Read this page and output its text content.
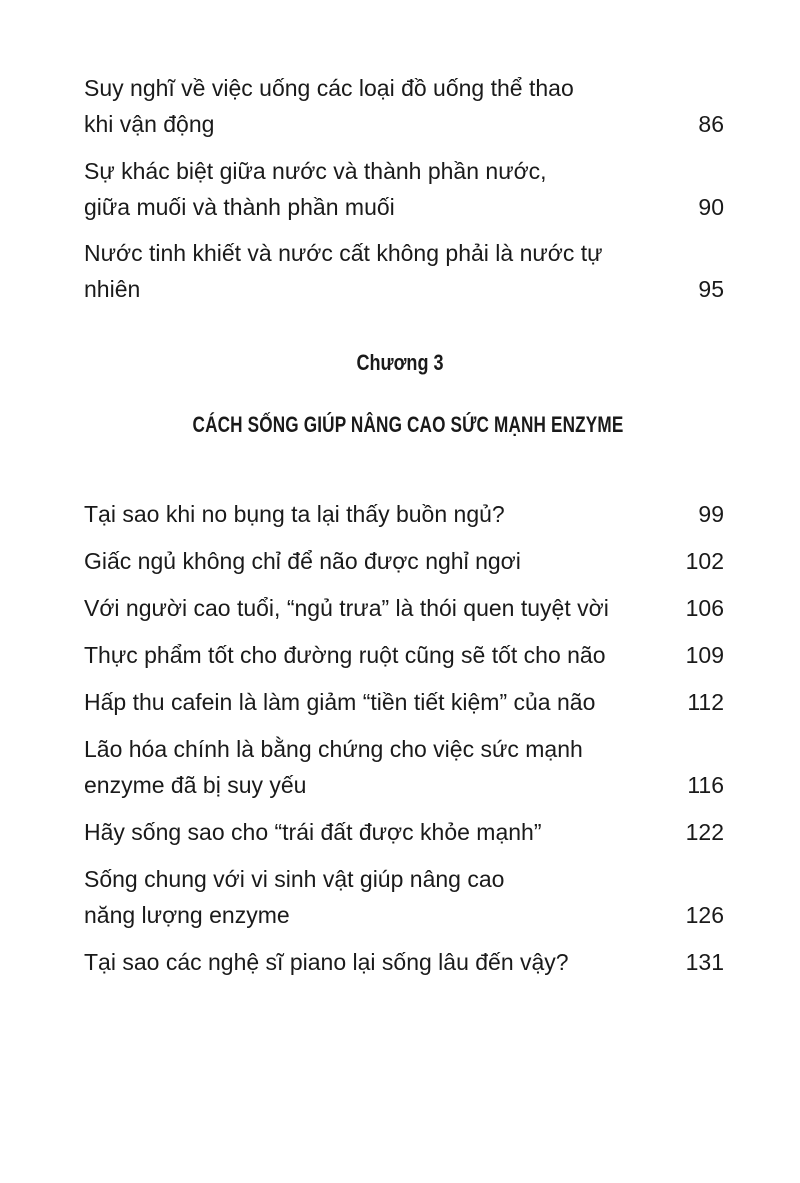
Suy nghĩ về việc uống các loại đồ uống thể thao
khi vận động	86
Sự khác biệt giữa nước và thành phần nước,
giữa muối và thành phần muối	90
Nước tinh khiết và nước cất không phải là nước tự nhiên	95
Chương 3
CÁCH SỐNG GIÚP NÂNG CAO SỨC MẠNH ENZYME
Tại sao khi no bụng ta lại thấy buồn ngủ?	99
Giấc ngủ không chỉ để não được nghỉ ngơi	102
Với người cao tuổi, “ngủ trưa” là thói quen tuyệt vời	106
Thực phẩm tốt cho đường ruột cũng sẽ tốt cho não	109
Hấp thu cafein là làm giảm “tiền tiết kiệm” của não	112
Lão hóa chính là bằng chứng cho việc sức mạnh
enzyme đã bị suy yếu	116
Hãy sống sao cho “trái đất được khỏe mạnh”	122
Sống chung với vi sinh vật giúp nâng cao
năng lượng enzyme	126
Tại sao các nghệ sĩ piano lại sống lâu đến vậy?	131
